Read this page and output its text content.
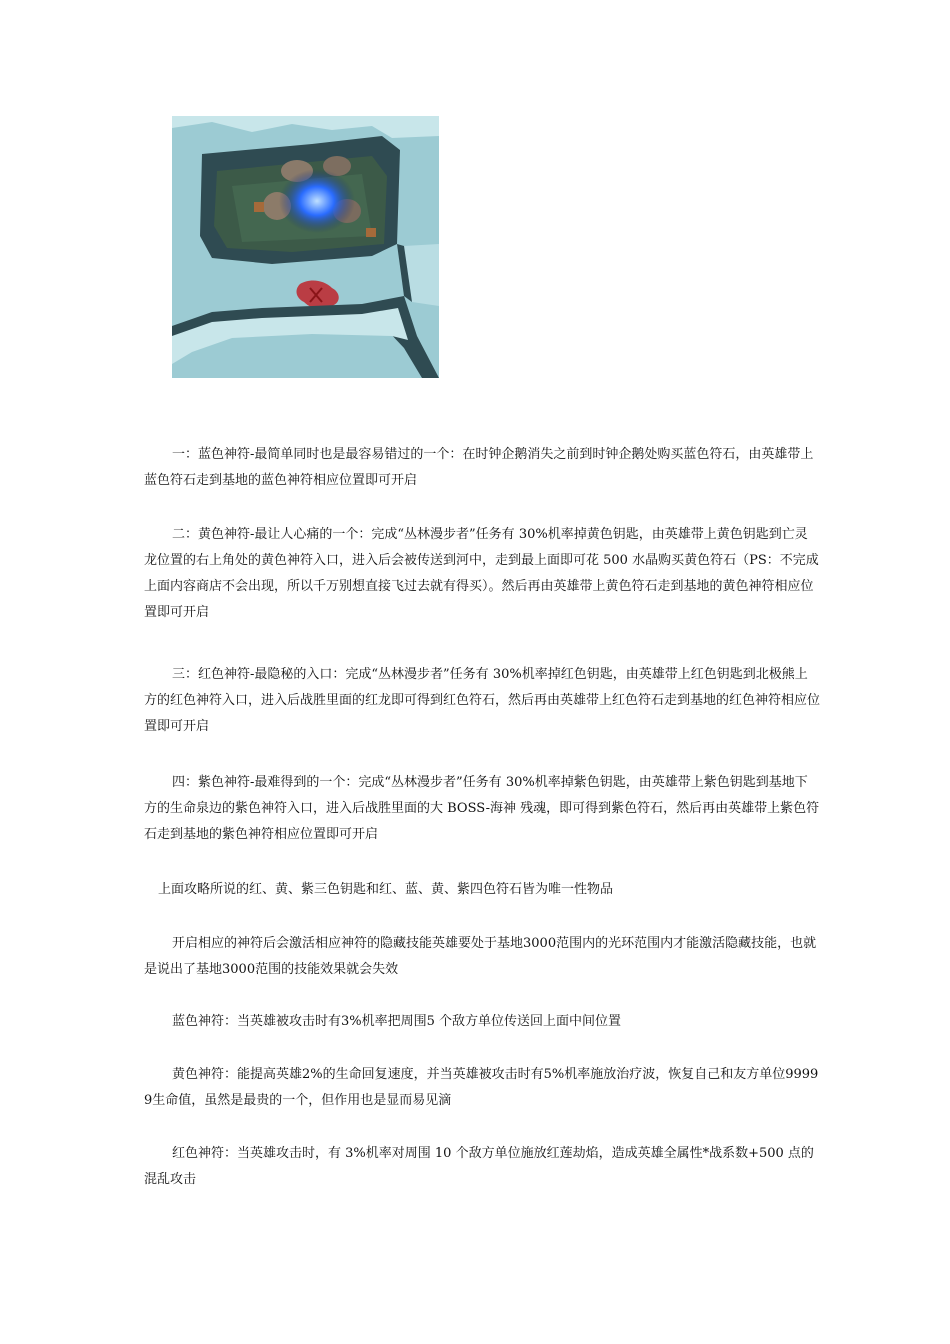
一：蓝色神符-最简单同时也是最容易错过的一个：在时钟企鹅消失之前到时钟企鹅处购买蓝色符石，由英雄带上蓝色符石走到基地的蓝色神符相应位置即可开启

二：黄色神符-最让人心痛的一个：完成“丛林漫步者”任务有 30%机率掉黄色钥匙，由英雄带上黄色钥匙到亡灵龙位置的右上角处的黄色神符入口，进入后会被传送到河中，走到最上面即可花 500 水晶购买黄色符石（PS：不完成上面内容商店不会出现，所以千万别想直接飞过去就有得买）。然后再由英雄带上黄色符石走到基地的黄色神符相应位置即可开启

三：红色神符-最隐秘的入口：完成“丛林漫步者”任务有 30%机率掉红色钥匙，由英雄带上红色钥匙到北极熊上方的红色神符入口，进入后战胜里面的红龙即可得到红色符石，然后再由英雄带上红色符石走到基地的红色神符相应位置即可开启

四：紫色神符-最难得到的一个：完成“丛林漫步者”任务有 30%机率掉紫色钥匙，由英雄带上紫色钥匙到基地下方的生命泉边的紫色神符入口，进入后战胜里面的大 BOSS-海神 残魂，即可得到紫色符石，然后再由英雄带上紫色符石走到基地的紫色神符相应位置即可开启

上面攻略所说的红、黄、紫三色钥匙和红、蓝、黄、紫四色符石皆为唯一性物品

开启相应的神符后会激活相应神符的隐藏技能英雄要处于基地3000范围内的光环范围内才能激活隐藏技能，也就是说出了基地3000范围的技能效果就会失效

蓝色神符：当英雄被攻击时有3%机率把周围5 个敌方单位传送回上面中间位置

黄色神符：能提高英雄2%的生命回复速度，并当英雄被攻击时有5%机率施放治疗波，恢复自己和友方单位99999生命值，虽然是最贵的一个，但作用也是显而易见滴

红色神符：当英雄攻击时，有 3%机率对周围 10 个敌方单位施放红莲劫焰，造成英雄全属性*战系数+500 点的混乱攻击
